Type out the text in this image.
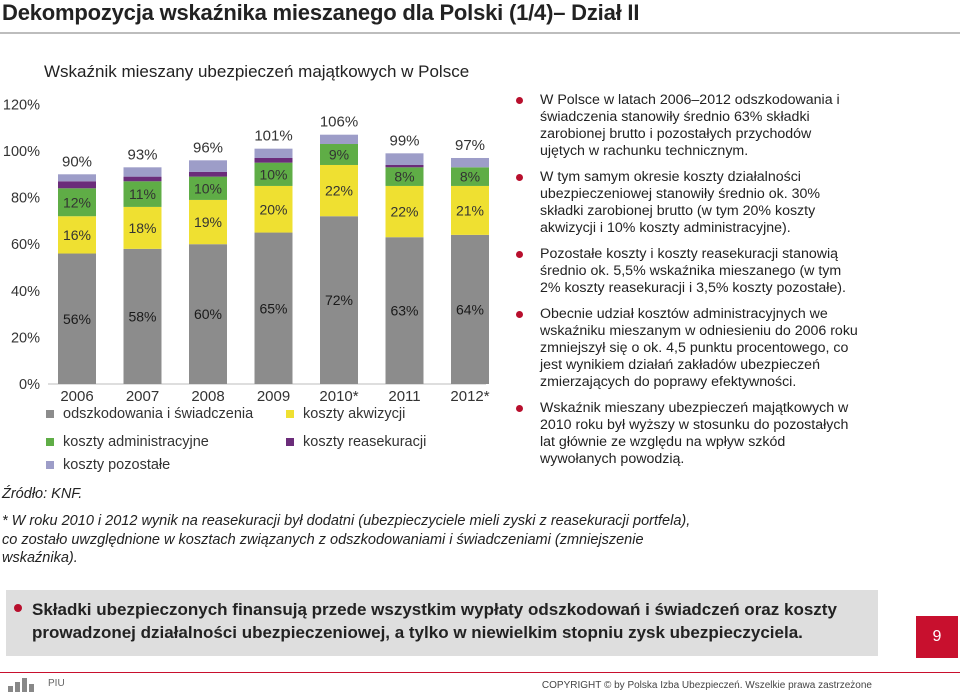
Dekompozycja wskaźnika mieszanego dla Polski (1/4)– Dział II
Wskaźnik mieszany ubezpieczeń majątkowych w Polsce
0%
20%
40%
60%
80%
100%
120%
56%
16%
12%
90%
2006
58%
18%
11%
93%
2007
60%
19%
10%
96%
2008
65%
20%
10%
101%
2009
72%
22%
9%
106%
2010*
63%
22%
8%
99%
2011
64%
21%
8%
97%
2012*
odszkodowania i świadczenia	koszty akwizycji
koszty administracyjne	koszty reasekuracji
koszty pozostałe
Źródło: KNF.
* W roku 2010 i 2012 wynik na reasekuracji był dodatni (ubezpieczyciele mieli zyski z reasekuracji portfela), co zostało uwzględnione w kosztach związanych z odszkodowaniami i świadczeniami (zmniejszenie wskaźnika).
W Polsce w latach 2006–2012 odszkodowania i świadczenia stanowiły średnio 63% składki zarobionej brutto i pozostałych przychodów ujętych w rachunku technicznym.
W tym samym okresie koszty działalności ubezpieczeniowej stanowiły średnio ok. 30% składki zarobionej brutto (w tym 20% koszty akwizycji i 10% koszty administracyjne).
Pozostałe koszty i koszty reasekuracji stanowią średnio ok. 5,5% wskaźnika mieszanego (w tym 2% koszty reasekuracji i 3,5% koszty pozostałe).
Obecnie udział kosztów administracyjnych we wskaźniku mieszanym w odniesieniu do 2006 roku zmniejszył się o ok. 4,5 punktu procentowego, co jest wynikiem działań zakładów ubezpieczeń zmierzających do poprawy efektywności.
Wskaźnik mieszany ubezpieczeń majątkowych w 2010 roku był wyższy w stosunku do pozostałych lat głównie ze względu na wpływ szkód wywołanych powodzią.
Składki ubezpieczonych finansują przede wszystkim wypłaty odszkodowań i świadczeń oraz koszty prowadzonej działalności ubezpieczeniowej, a tylko w niewielkim stopniu zysk ubezpieczyciela.	9
PIU	COPYRIGHT © by Polska Izba Ubezpieczeń. Wszelkie prawa zastrzeżone
